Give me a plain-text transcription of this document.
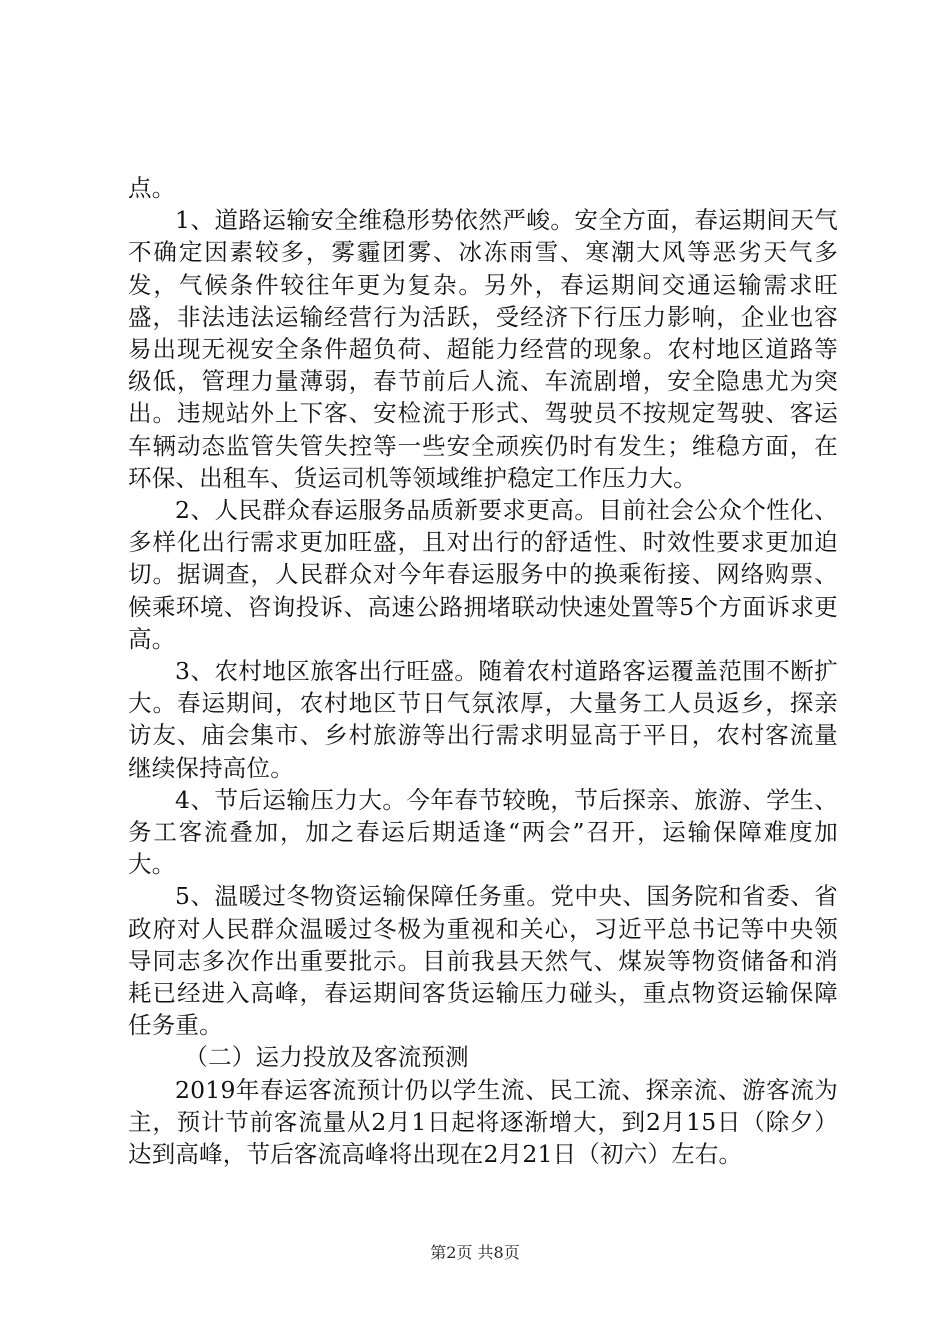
点。

1、道路运输安全维稳形势依然严峻。安全方面，春运期间天气不确定因素较多，雾霾团雾、冰冻雨雪、寒潮大风等恶劣天气多发，气候条件较往年更为复杂。另外，春运期间交通运输需求旺盛，非法违法运输经营行为活跃，受经济下行压力影响，企业也容易出现无视安全条件超负荷、超能力经营的现象。农村地区道路等级低，管理力量薄弱，春节前后人流、车流剧增，安全隐患尤为突出。违规站外上下客、安检流于形式、驾驶员不按规定驾驶、客运车辆动态监管失管失控等一些安全顽疾仍时有发生；维稳方面，在环保、出租车、货运司机等领域维护稳定工作压力大。

2、人民群众春运服务品质新要求更高。目前社会公众个性化、多样化出行需求更加旺盛，且对出行的舒适性、时效性要求更加迫切。据调查，人民群众对今年春运服务中的换乘衔接、网络购票、候乘环境、咨询投诉、高速公路拥堵联动快速处置等5个方面诉求更高。

3、农村地区旅客出行旺盛。随着农村道路客运覆盖范围不断扩大。春运期间，农村地区节日气氛浓厚，大量务工人员返乡，探亲访友、庙会集市、乡村旅游等出行需求明显高于平日，农村客流量继续保持高位。

4、节后运输压力大。今年春节较晚，节后探亲、旅游、学生、务工客流叠加，加之春运后期适逢“两会”召开，运输保障难度加大。

5、温暖过冬物资运输保障任务重。党中央、国务院和省委、省政府对人民群众温暖过冬极为重视和关心，习近平总书记等中央领导同志多次作出重要批示。目前我县天然气、煤炭等物资储备和消耗已经进入高峰，春运期间客货运输压力碰头，重点物资运输保障任务重。

（二）运力投放及客流预测

2019年春运客流预计仍以学生流、民工流、探亲流、游客流为主，预计节前客流量从2月1日起将逐渐增大，到2月15日（除夕）达到高峰，节后客流高峰将出现在2月21日（初六）左右。

第2页 共8页
